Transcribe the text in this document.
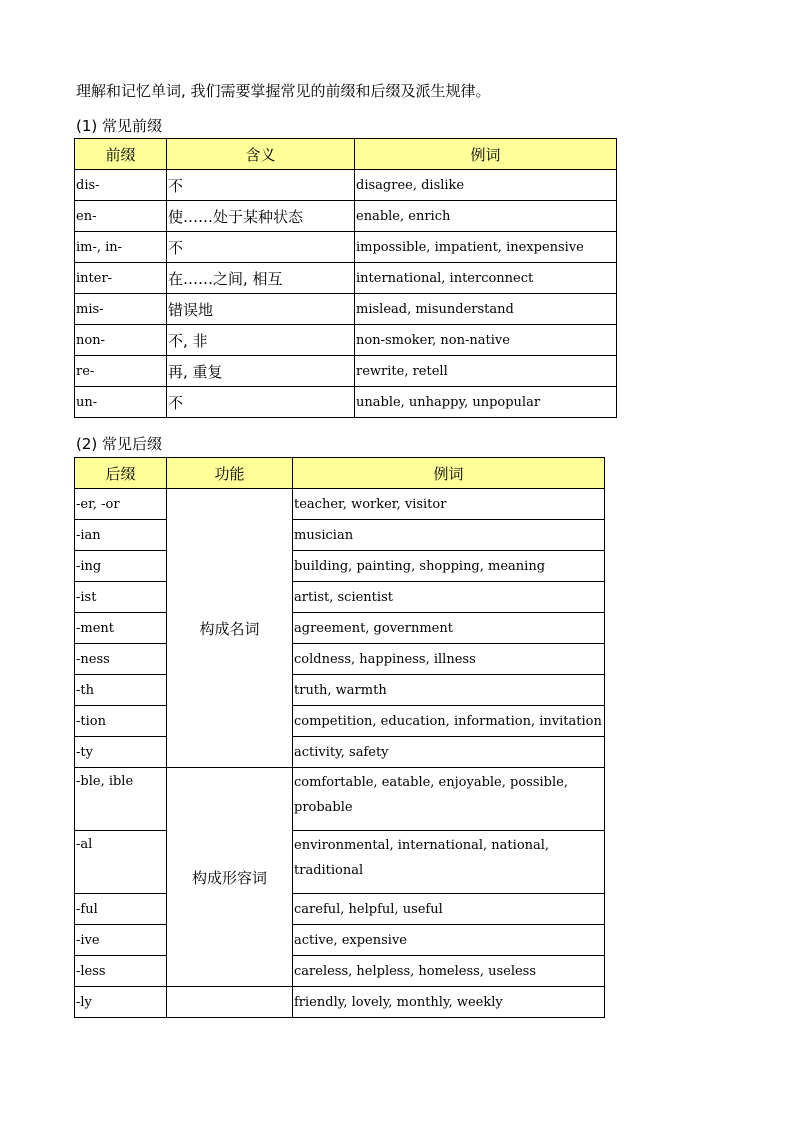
理解和记忆单词, 我们需要掌握常见的前缀和后缀及派生规律。
(1) 常见前缀
前缀	含义	例词
dis-	不	disagree, dislike
en-	使……处于某种状态	enable, enrich
im-, in-	不	impossible, impatient, inexpensive
inter-	在……之间, 相互	international, interconnect
mis-	错误地	mislead, misunderstand
non-	不, 非	non-smoker, non-native
re-	再, 重复	rewrite, retell
un-	不	unable, unhappy, unpopular
(2) 常见后缀
后缀	功能	例词
-er, -or	构成名词	teacher, worker, visitor
-ian		musician
-ing		building, painting, shopping, meaning
-ist		artist, scientist
-ment		agreement, government
-ness		coldness, happiness, illness
-th		truth, warmth
-tion		competition, education, information, invitation
-ty		activity, safety
-ble, ible	构成形容词	comfortable, eatable, enjoyable, possible,
probable

-al		environmental, international, national,
traditional

-ful		careful, helpful, useful
-ive		active, expensive
-less		careless, helpless, homeless, useless
-ly		friendly, lovely, monthly, weekly
